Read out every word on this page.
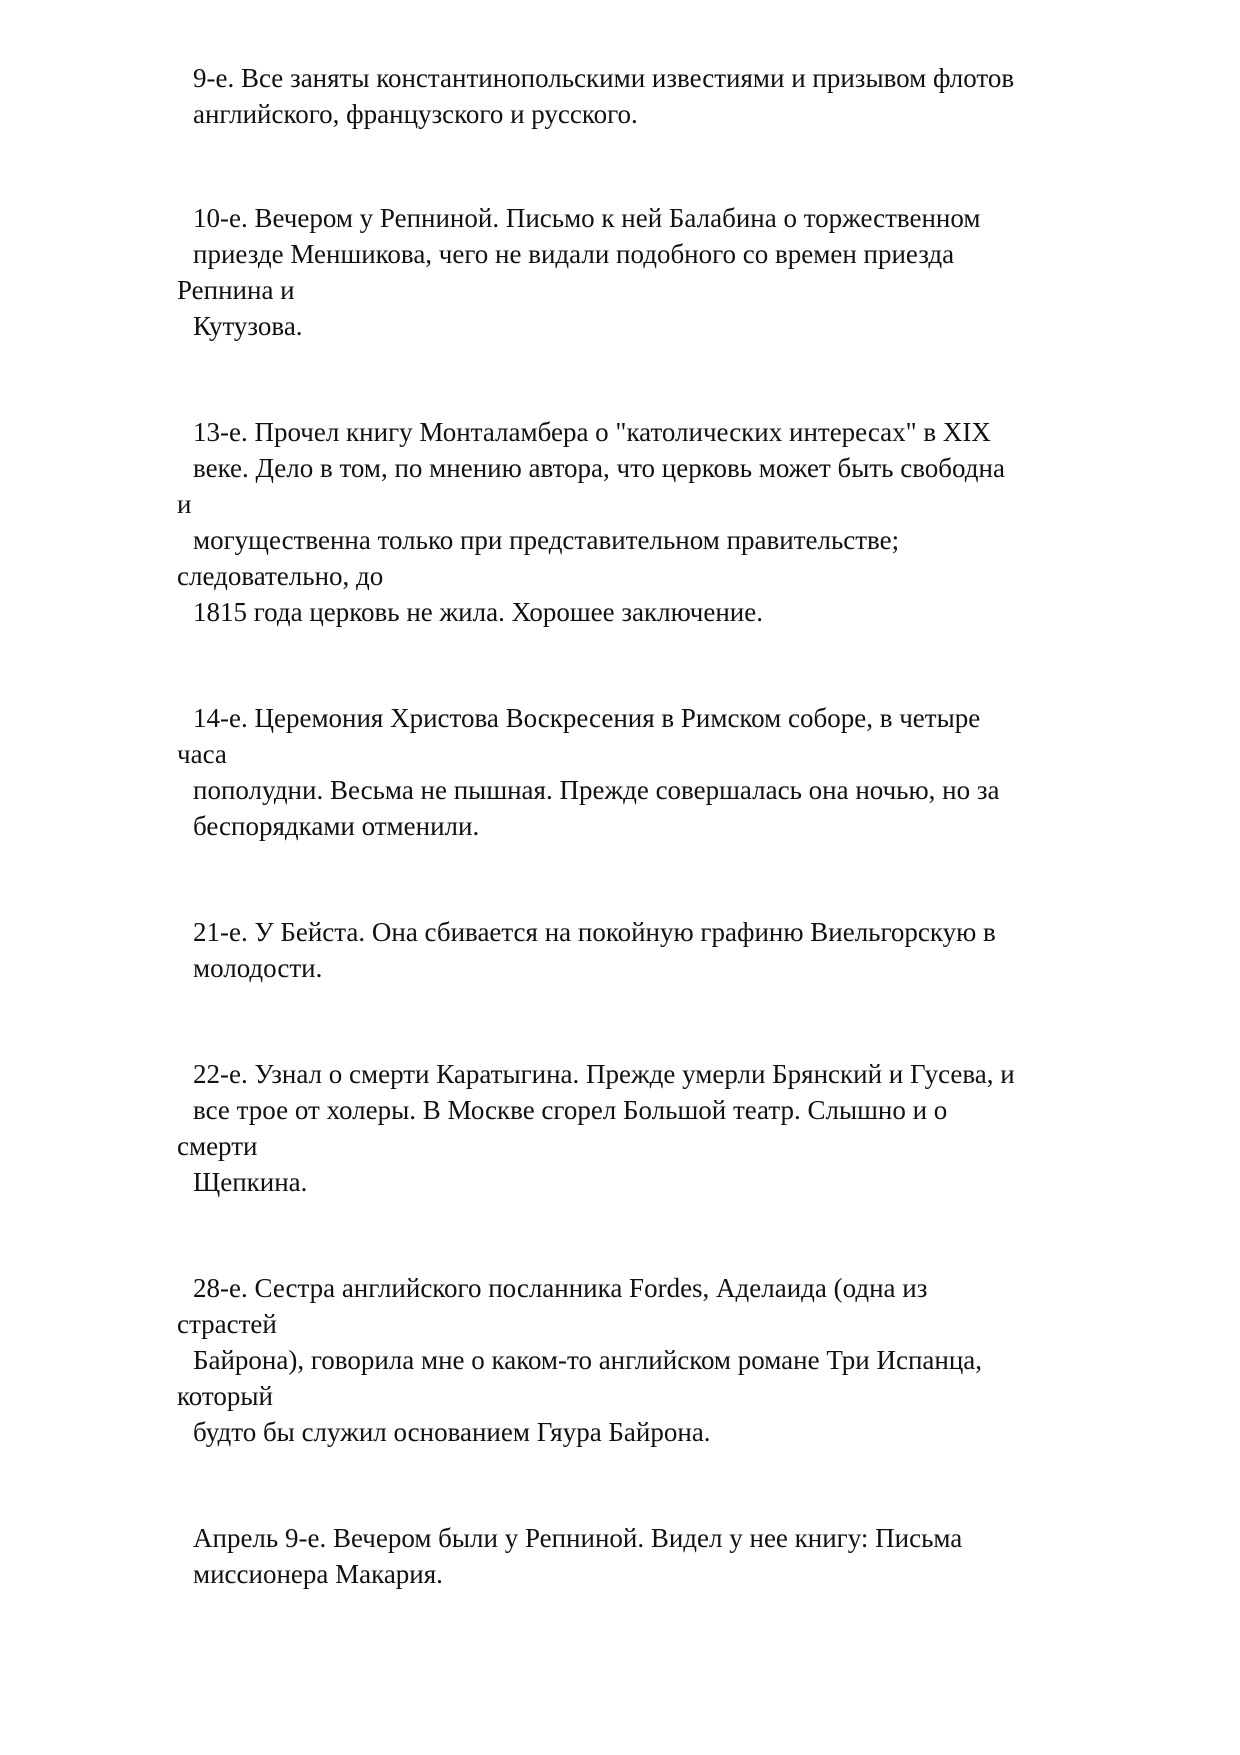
9-е. Все заняты константинопольскими известиями и призывом флотов
английского, французского и русского.
10-е. Вечером у Репниной. Письмо к ней Балабина о торжественном
приезде Меншикова, чего не видали подобного со времен приезда
Репнина и
Кутузова.
13-е. Прочел книгу Монталамбера о "католических интересах" в XIX
веке. Дело в том, по мнению автора, что церковь может быть свободна
и
могущественна только при представительном правительстве;
следовательно, до
1815 года церковь не жила. Хорошее заключение.
14-е. Церемония Христова Воскресения в Римском соборе, в четыре
часа
пополудни. Весьма не пышная. Прежде совершалась она ночью, но за
беспорядками отменили.
21-е. У Бейста. Она сбивается на покойную графиню Виельгорскую в
молодости.
22-е. Узнал о смерти Каратыгина. Прежде умерли Брянский и Гусева, и
все трое от холеры. В Москве сгорел Большой театр. Слышно и о
смерти
Щепкина.
28-е. Сестра английского посланника Fordes, Аделаида (одна из
страстей
Байрона), говорила мне о каком-то английском романе Три Испанца,
который
будто бы служил основанием Гяура Байрона.
Апрель 9-е. Вечером были у Репниной. Видел у нее книгу: Письма
миссионера Макария.
